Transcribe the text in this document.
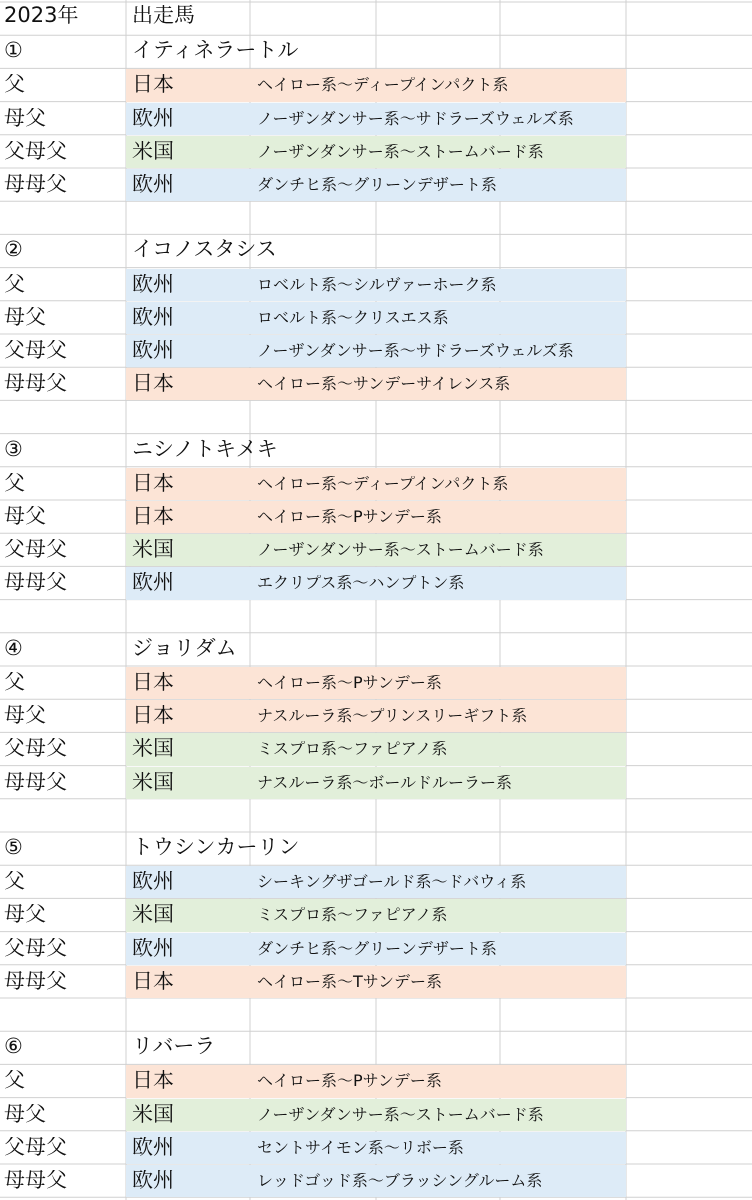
2023年	出走馬
①	イティネラートル
父	日本	ヘイロー系〜ディープインパクト系
母父	欧州	ノーザンダンサー系〜サドラーズウェルズ系
父母父	米国	ノーザンダンサー系〜ストームバード系
母母父	欧州	ダンチヒ系〜グリーンデザート系
②	イコノスタシス
父	欧州	ロベルト系〜シルヴァーホーク系
母父	欧州	ロベルト系〜クリスエス系
父母父	欧州	ノーザンダンサー系〜サドラーズウェルズ系
母母父	日本	ヘイロー系〜サンデーサイレンス系
③	ニシノトキメキ
父	日本	ヘイロー系〜ディープインパクト系
母父	日本	ヘイロー系〜Pサンデー系
父母父	米国	ノーザンダンサー系〜ストームバード系
母母父	欧州	エクリプス系〜ハンプトン系
④	ジョリダム
父	日本	ヘイロー系〜Pサンデー系
母父	日本	ナスルーラ系〜プリンスリーギフト系
父母父	米国	ミスプロ系〜ファピアノ系
母母父	米国	ナスルーラ系〜ボールドルーラー系
⑤	トウシンカーリン
父	欧州	シーキングザゴールド系〜ドバウィ系
母父	米国	ミスプロ系〜ファピアノ系
父母父	欧州	ダンチヒ系〜グリーンデザート系
母母父	日本	ヘイロー系〜Tサンデー系
⑥	リバーラ
父	日本	ヘイロー系〜Pサンデー系
母父	米国	ノーザンダンサー系〜ストームバード系
父母父	欧州	セントサイモン系〜リボー系
母母父	欧州	レッドゴッド系〜ブラッシングルーム系
